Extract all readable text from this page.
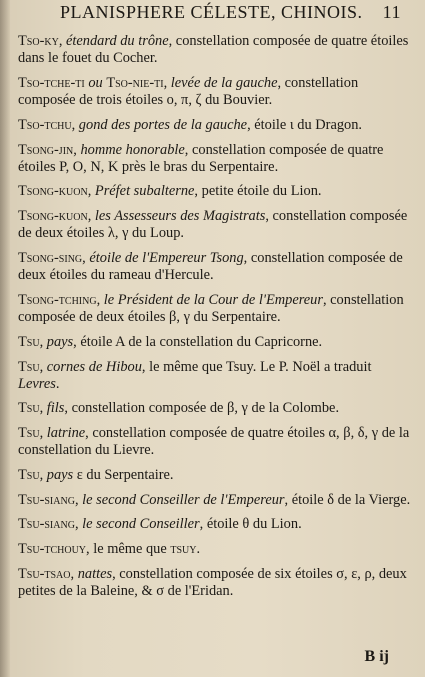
PLANISPHERE CÉLESTE, CHINOIS. 11

Tso-ky, étendard du trône, constellation composée de quatre étoiles dans le fouet du Cocher.

Tso-tche-ti ou Tso-nie-ti, levée de la gauche, constellation composée de trois étoiles ο, π, ζ du Bouvier.

Tso-tchu, gond des portes de la gauche, étoile ι du Dragon.

Tsong-jin, homme honorable, constellation composée de quatre étoiles P, O, N, K près le bras du Serpentaire.

Tsong-kuon, Préfet subalterne, petite étoile du Lion.

Tsong-kuon, les Assesseurs des Magistrats, constellation composée de deux étoiles λ, γ du Loup.

Tsong-sing, étoile de l'Empereur Tsong, constellation composée de deux étoiles du rameau d'Hercule.

Tsong-tching, le Président de la Cour de l'Empereur, constellation composée de deux étoiles β, γ du Serpentaire.

Tsu, pays, étoile A de la constellation du Capricorne.

Tsu, cornes de Hibou, le même que Tsuy. Le P. Noël a traduit Levres.

Tsu, fils, constellation composée de β, γ de la Colombe.

Tsu, latrine, constellation composée de quatre étoiles α, β, δ, γ de la constellation du Lievre.

Tsu, pays ε du Serpentaire.

Tsu-siang, le second Conseiller de l'Empereur, étoile δ de la Vierge.

Tsu-siang, le second Conseiller, étoile θ du Lion.

Tsu-tchouy, le même que tsuy.

Tsu-tsao, nattes, constellation composée de six étoiles σ, ε, ρ, deux petites de la Baleine, & σ de l'Eridan.

B ij
